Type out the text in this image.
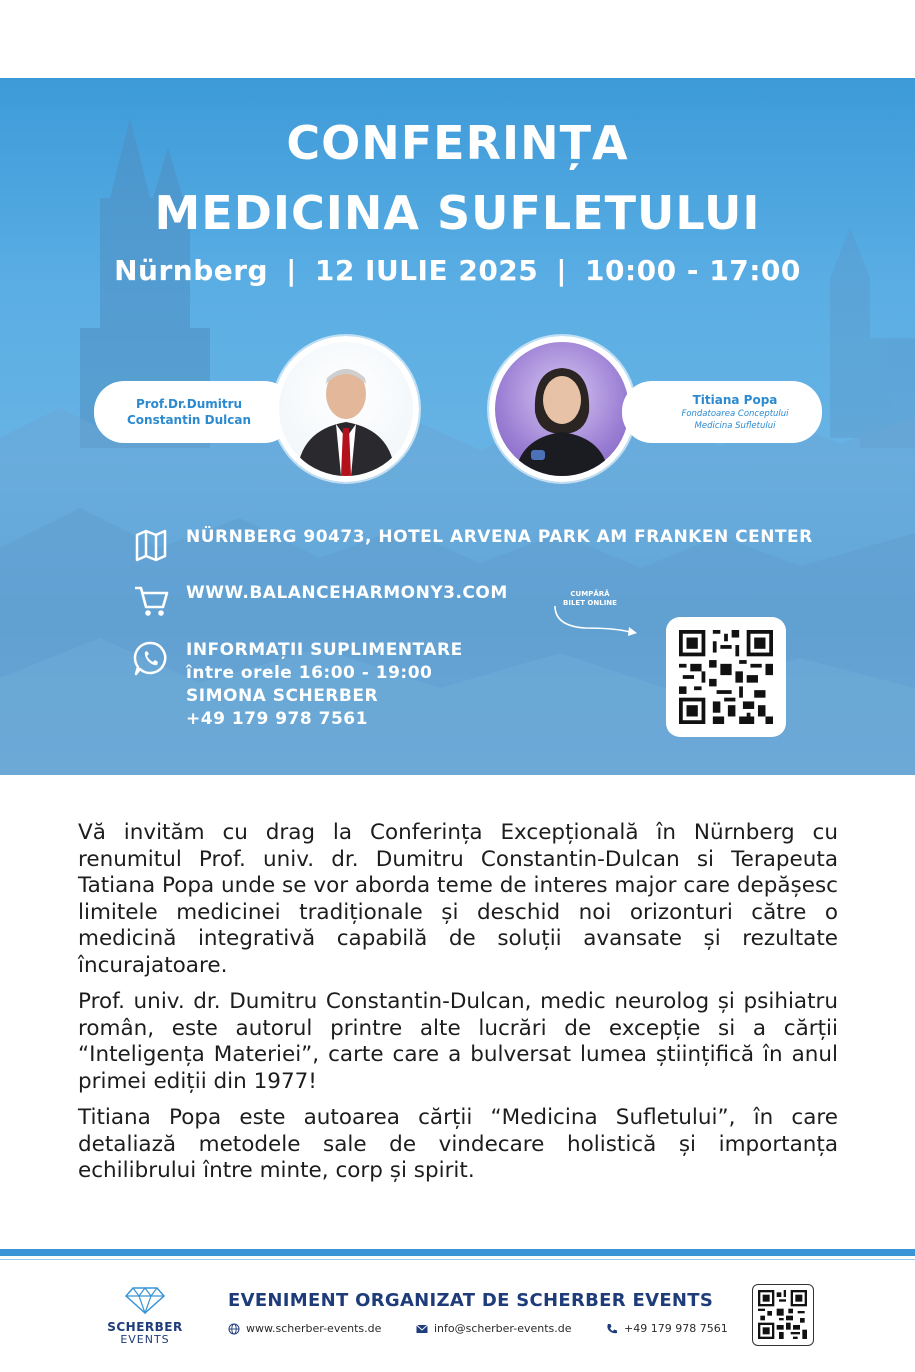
CONFERINȚA
MEDICINA SUFLETULUI
Nürnberg | 12 IULIE 2025 | 10:00 - 17:00
Prof.Dr.Dumitru
Constantin Dulcan
Titiana Popa
Fondatoarea Conceptului
Medicina Sufletului
NÜRNBERG 90473, HOTEL ARVENA PARK AM FRANKEN CENTER
WWW.BALANCEHARMONY3.COM
INFORMAȚII SUPLIMENTARE
între orele 16:00 - 19:00
SIMONA SCHERBER
+49 179 978 7561
CUMPĂRĂ
BILET ONLINE

Vă invităm cu drag la Conferința Excepțională în Nürnberg cu renumitul Prof. univ. dr. Dumitru Constantin-Dulcan si Terapeuta Tatiana Popa unde se vor aborda teme de interes major care depășesc limitele medicinei tradiționale și deschid noi orizonturi către o medicină integrativă capabilă de soluții avansate și rezultate încurajatoare.

Prof. univ. dr. Dumitru Constantin-Dulcan, medic neurolog și psihiatru român, este autorul printre alte lucrări de excepție si a cărții “Inteligența Materiei”, carte care a bulversat lumea științifică în anul primei ediții din 1977!

Titiana Popa este autoarea cărții “Medicina Sufletului”, în care detaliază metodele sale de vindecare holistică și importanța echilibrului între minte, corp și spirit.

SCHERBER
EVENTS
EVENIMENT ORGANIZAT DE SCHERBER EVENTS
www.scherber-events.de	info@scherber-events.de	+49 179 978 7561
